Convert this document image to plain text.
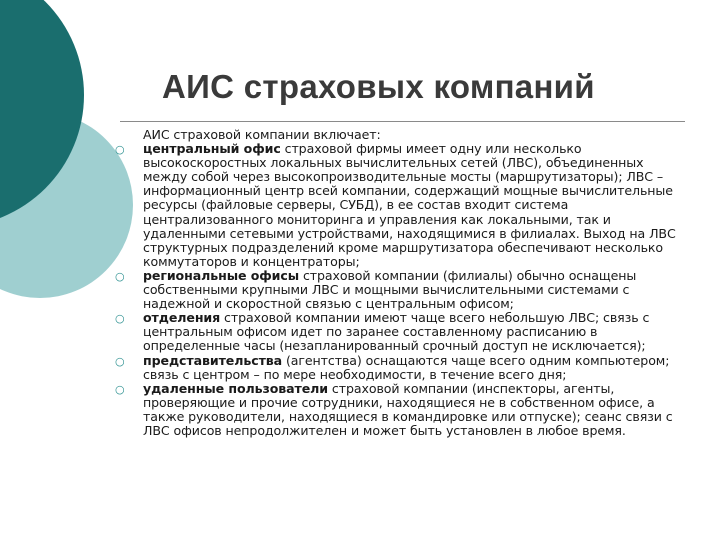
АИС страховых компаний
АИС страховой компании включает:
○ центральный офис страховой фирмы имеет одну или несколько высокоскоростных локальных вычислительных сетей (ЛВС), объединенных между собой через высокопроизводительные мосты (маршрутизаторы); ЛВС – информационный центр всей компании, содержащий мощные вычислительные ресурсы (файловые серверы, СУБД), в ее состав входит система централизованного мониторинга и управления как локальными, так и удаленными сетевыми устройствами, находящимися в филиалах. Выход на ЛВС структурных подразделений кроме маршрутизатора обеспечивают несколько коммутаторов и концентраторы;
○ региональные офисы страховой компании (филиалы) обычно оснащены собственными крупными ЛВС и мощными вычислительными системами с надежной и скоростной связью с центральным офисом;
○ отделения страховой компании имеют чаще всего небольшую ЛВС; связь с центральным офисом идет по заранее составленному расписанию в определенные часы (незапланированный срочный доступ не исключается);
○ представительства (агентства) оснащаются чаще всего одним компьютером; связь с центром – по мере необходимости, в течение всего дня;
○ удаленные пользователи страховой компании (инспекторы, агенты, проверяющие и прочие сотрудники, находящиеся не в собственном офисе, а также руководители, находящиеся в командировке или отпуске); сеанс связи с ЛВС офисов непродолжителен и может быть установлен в любое время.
